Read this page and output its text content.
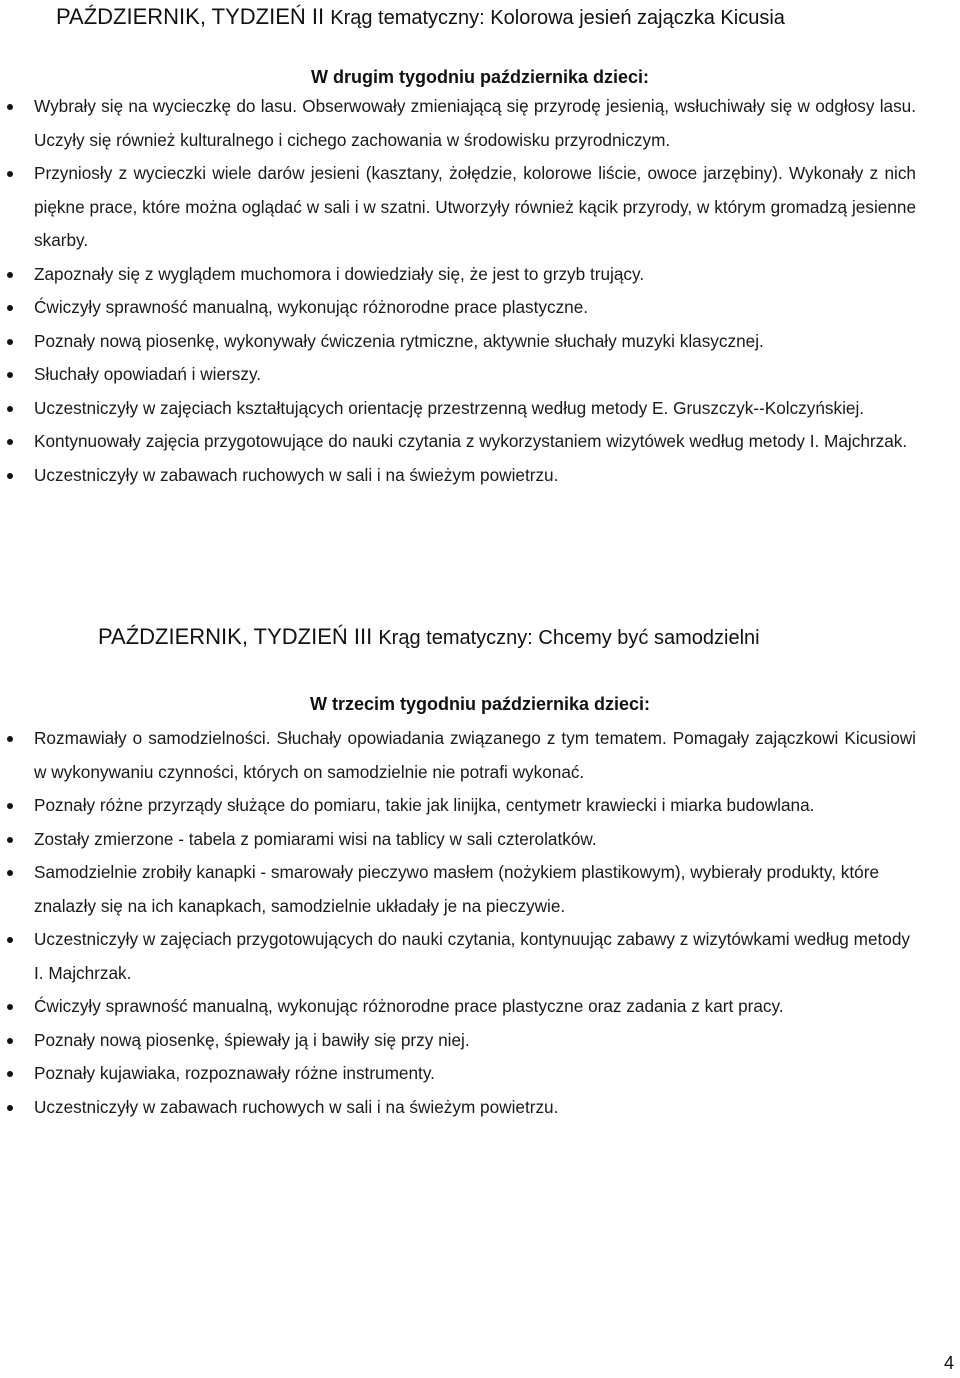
PAŹDZIERNIK, TYDZIEŃ II Krąg tematyczny: Kolorowa jesień zajączka Kicusia
W drugim tygodniu października dzieci:
Wybrały się na wycieczkę do lasu. Obserwowały zmieniającą się przyrodę jesienią, wsłuchiwały się w odgłosy lasu. Uczyły się również kulturalnego i cichego zachowania w środowisku przyrodniczym.
Przyniosły z wycieczki wiele darów jesieni (kasztany, żołędzie, kolorowe liście, owoce jarzębiny). Wykonały z nich piękne prace, które można oglądać w sali i w szatni. Utworzyły również kącik przyrody, w którym gromadzą jesienne skarby.
Zapoznały się z wyglądem muchomora i dowiedziały się, że jest to grzyb trujący.
Ćwiczyły sprawność manualną, wykonując różnorodne prace plastyczne.
Poznały nową piosenkę, wykonywały ćwiczenia rytmiczne, aktywnie słuchały muzyki klasycznej.
Słuchały opowiadań i wierszy.
Uczestniczyły w zajęciach kształtujących orientację przestrzenną według metody E. Gruszczyk--Kolczyńskiej.
Kontynuowały zajęcia przygotowujące do nauki czytania z wykorzystaniem wizytówek według metody I. Majchrzak.
Uczestniczyły w zabawach ruchowych w sali i na świeżym powietrzu.
PAŹDZIERNIK, TYDZIEŃ III Krąg tematyczny: Chcemy być samodzielni
W trzecim tygodniu października dzieci:
Rozmawiały o samodzielności. Słuchały opowiadania związanego z tym tematem. Pomagały zajączkowi Kicusiowi w wykonywaniu czynności, których on samodzielnie nie potrafi wykonać.
Poznały różne przyrządy służące do pomiaru, takie jak linijka, centymetr krawiecki i miarka budowlana.
Zostały zmierzone - tabela z pomiarami wisi na tablicy w sali czterolatków.
Samodzielnie zrobiły kanapki - smarowały pieczywo masłem (nożykiem plastikowym), wybierały produkty, które znalazły się na ich kanapkach, samodzielnie układały je na pieczywie.
Uczestniczyły w zajęciach przygotowujących do nauki czytania, kontynuując zabawy z wizytówkami według metody I. Majchrzak.
Ćwiczyły sprawność manualną, wykonując różnorodne prace plastyczne oraz zadania z kart pracy.
Poznały nową piosenkę, śpiewały ją i bawiły się przy niej.
Poznały kujawiaka, rozpoznawały różne instrumenty.
Uczestniczyły w zabawach ruchowych w sali i na świeżym powietrzu.
4
